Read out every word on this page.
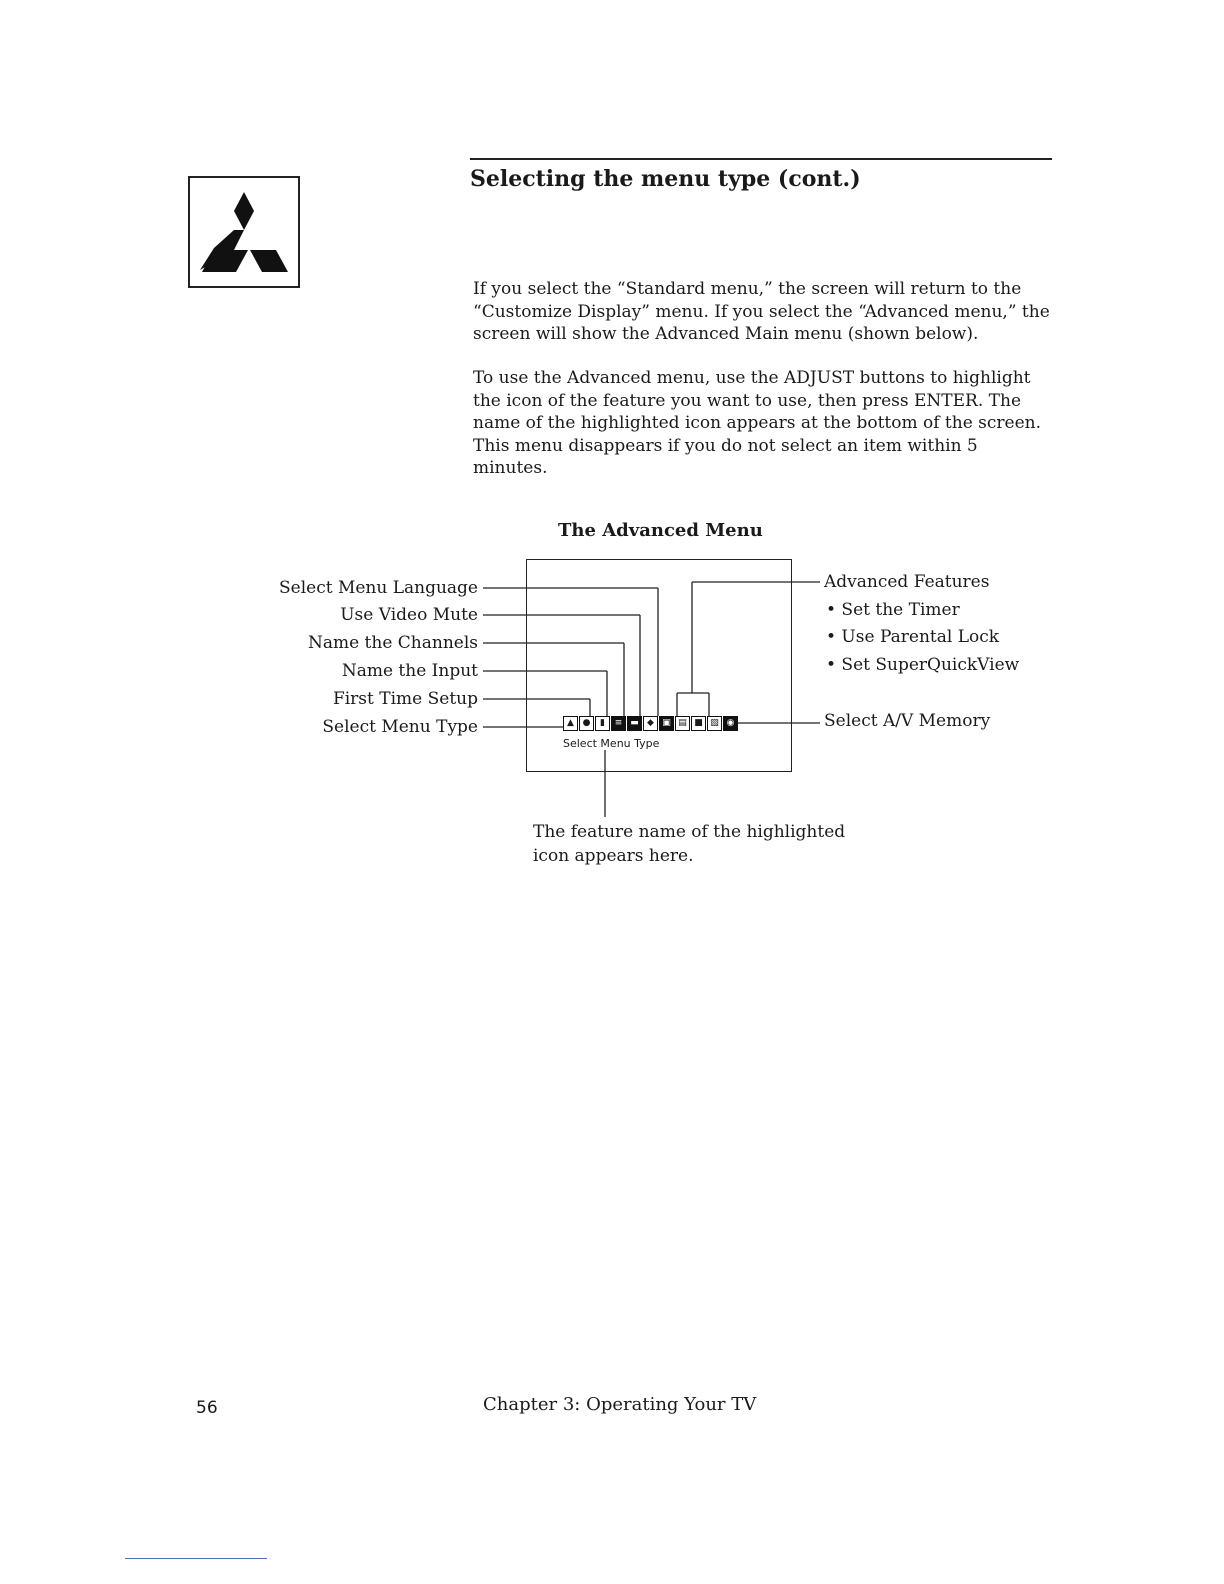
Selecting the menu type (cont.)
If you select the “Standard menu,” the screen will return to the “Customize Display” menu. If you select the “Advanced menu,” the screen will show the Advanced Main menu (shown below).
To use the Advanced menu, use the ADJUST buttons to highlight the icon of the feature you want to use, then press ENTER. The name of the highlighted icon appears at the bottom of the screen. This menu disappears if you do not select an item within 5 minutes.
The Advanced Menu
Select Menu Language
Use Video Mute
Name the Channels
Name the Input
First Time Setup
Select Menu Type
Advanced Features
• Set the Timer
• Use Parental Lock
• Set SuperQuickView
Select A/V Memory
▲ ●	▮	≡ ▬ ◆ ▣ ▤ ■ ▧ ◉
Select Menu Type
The feature name of the highlighted icon appears here.
56	Chapter 3: Operating Your TV
